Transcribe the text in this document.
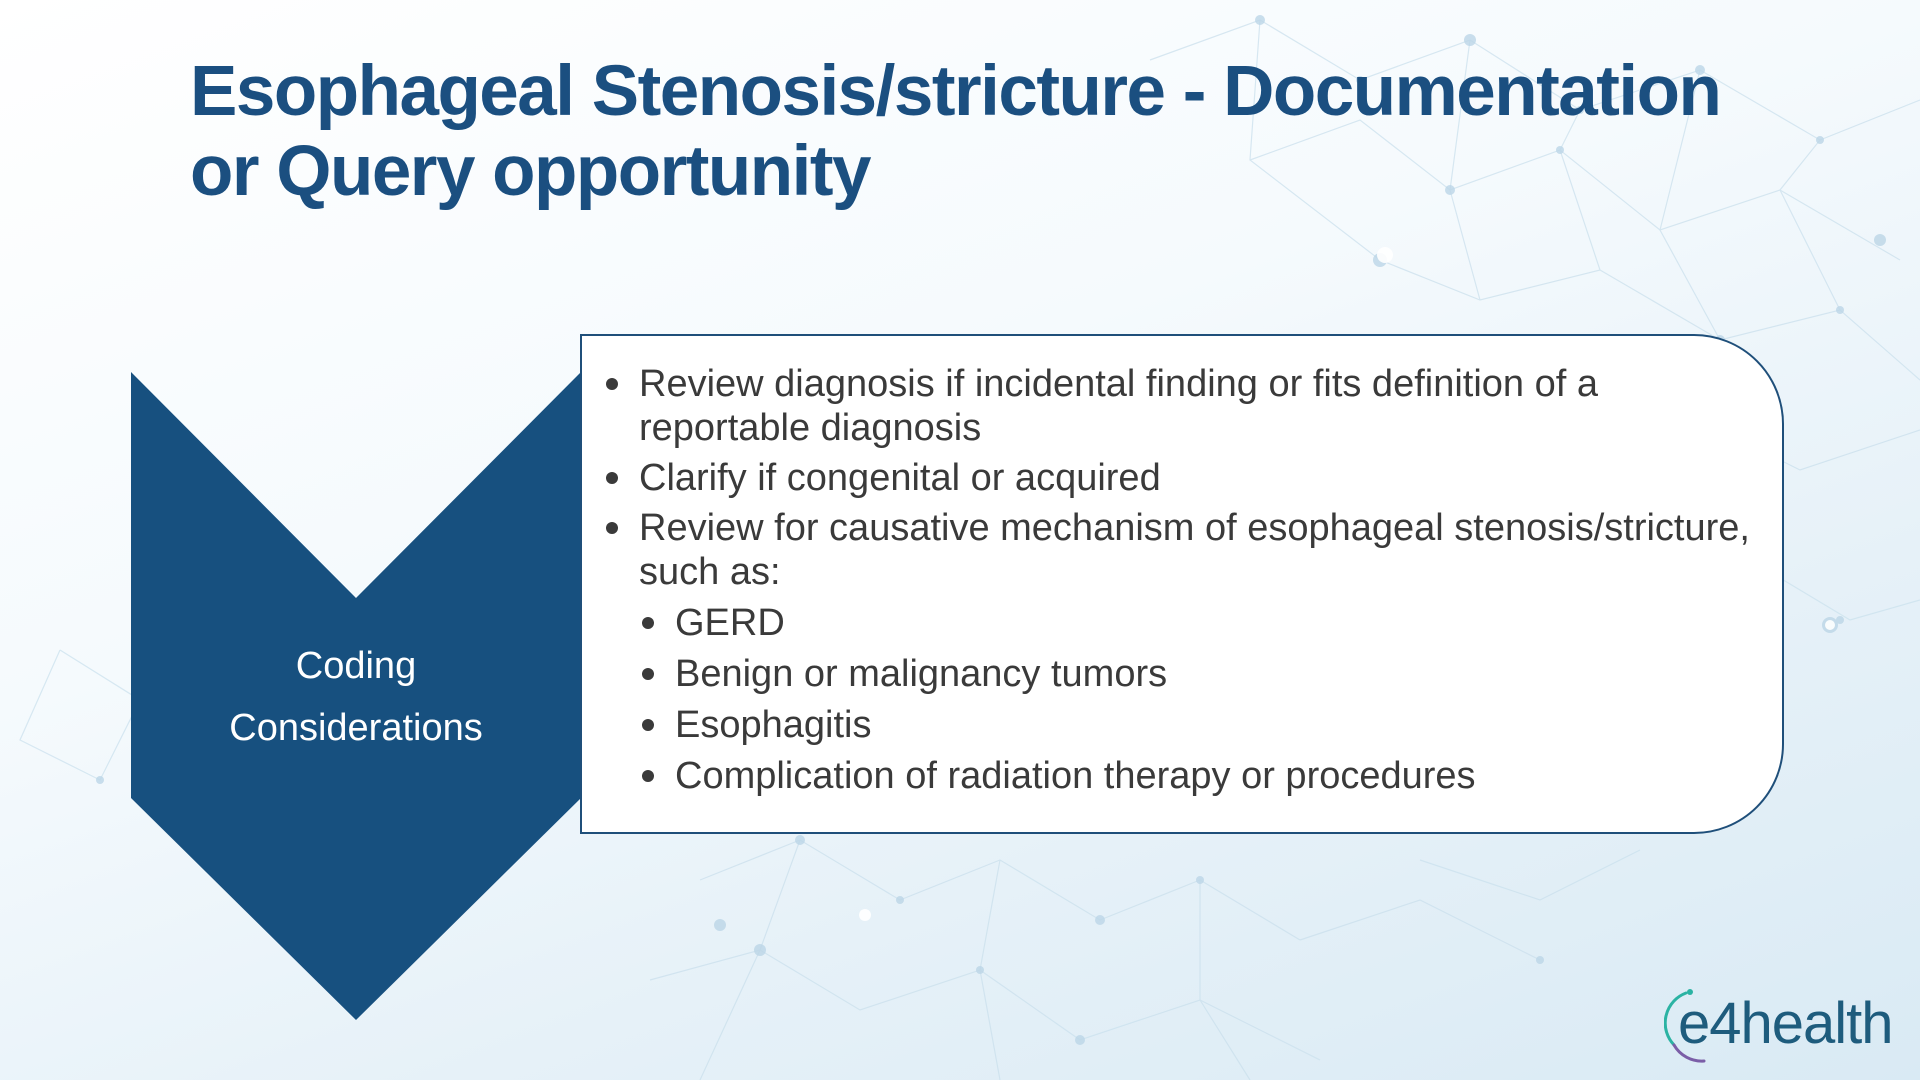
Esophageal Stenosis/stricture - Documentation or Query opportunity
Coding
Considerations
Review diagnosis if incidental finding or fits definition of a reportable diagnosis
Clarify if congenital or acquired
Review for causative mechanism of esophageal stenosis/stricture, such as:
GERD
Benign or malignancy tumors
Esophagitis
Complication of radiation therapy or procedures
e4health
